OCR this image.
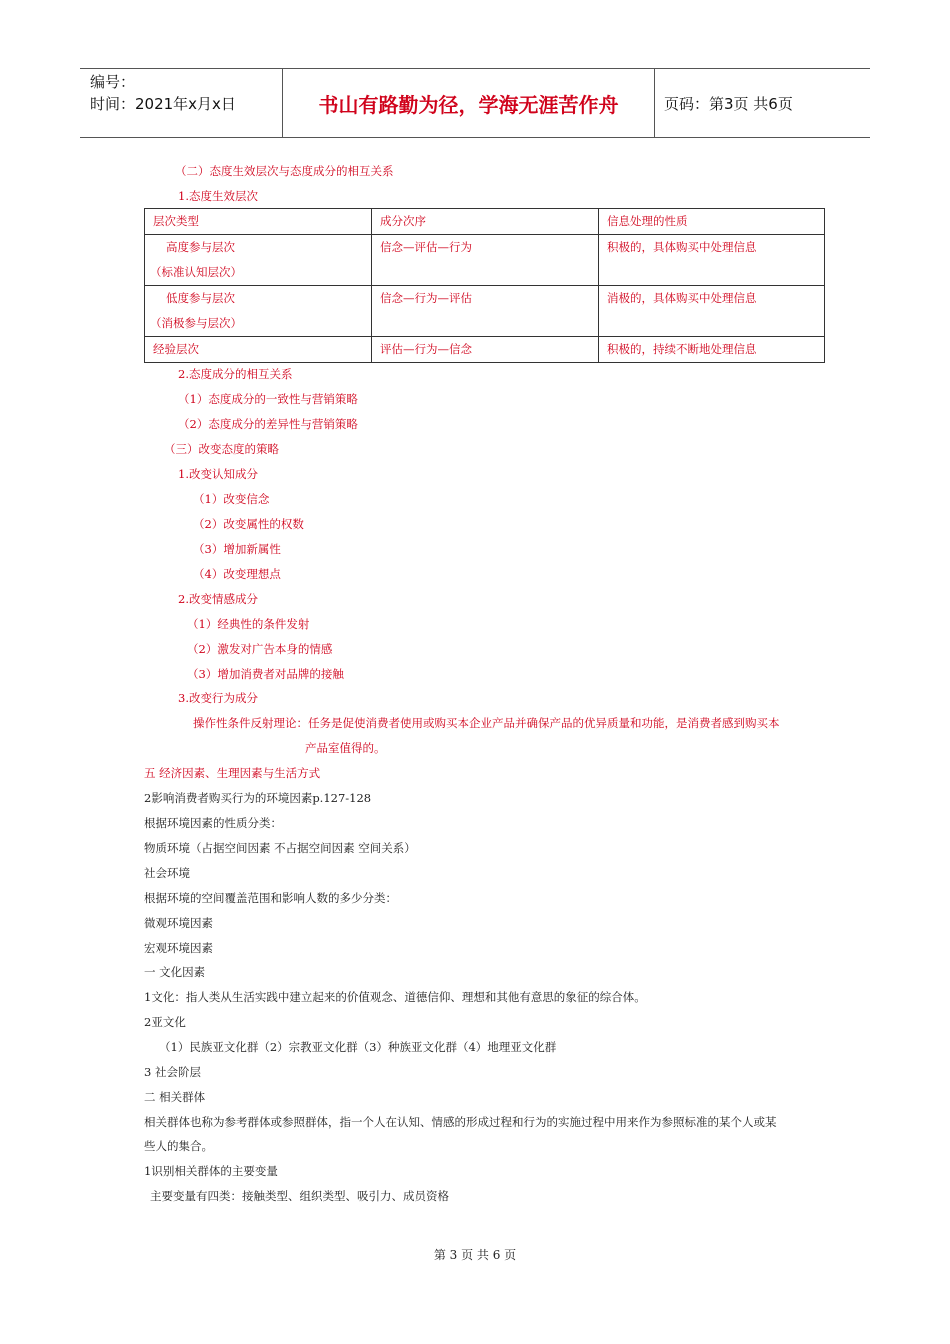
编号：
时间：2021年x月x日	书山有路勤为径，学海无涯苦作舟	页码：第3页 共6页
（二）态度生效层次与态度成分的相互关系
1.态度生效层次
层次类型	成分次序	信息处理的性质

高度参与层次
（标准认知层次）	信念—评估—行为	积极的，具体购买中处理信息

低度参与层次
（消极参与层次）	信念—行为—评估	消极的，具体购买中处理信息
经验层次	评估—行为—信念	积极的，持续不断地处理信息
2.态度成分的相互关系
（1）态度成分的一致性与营销策略
（2）态度成分的差异性与营销策略
（三）改变态度的策略
1.改变认知成分
（1）改变信念
（2）改变属性的权数
（3）增加新属性
（4）改变理想点
2.改变情感成分
（1）经典性的条件发射
（2）激发对广告本身的情感
（3）增加消费者对品牌的接触
3.改变行为成分
操作性条件反射理论：任务是促使消费者使用或购买本企业产品并确保产品的优异质量和功能，是消费者感到购买本
产品室值得的。
五 经济因素、生理因素与生活方式
2影响消费者购买行为的环境因素p.127-128
根据环境因素的性质分类：
物质环境（占据空间因素 不占据空间因素 空间关系）
社会环境
根据环境的空间覆盖范围和影响人数的多少分类：
微观环境因素
宏观环境因素
一 文化因素
1文化：指人类从生活实践中建立起来的价值观念、道德信仰、理想和其他有意思的象征的综合体。
2亚文化
（1）民族亚文化群（2）宗教亚文化群（3）种族亚文化群（4）地理亚文化群
3 社会阶层
二 相关群体
相关群体也称为参考群体或参照群体，指一个人在认知、情感的形成过程和行为的实施过程中用来作为参照标准的某个人或某
些人的集合。
1识别相关群体的主要变量
主要变量有四类：接触类型、组织类型、吸引力、成员资格
第 3 页 共 6 页
